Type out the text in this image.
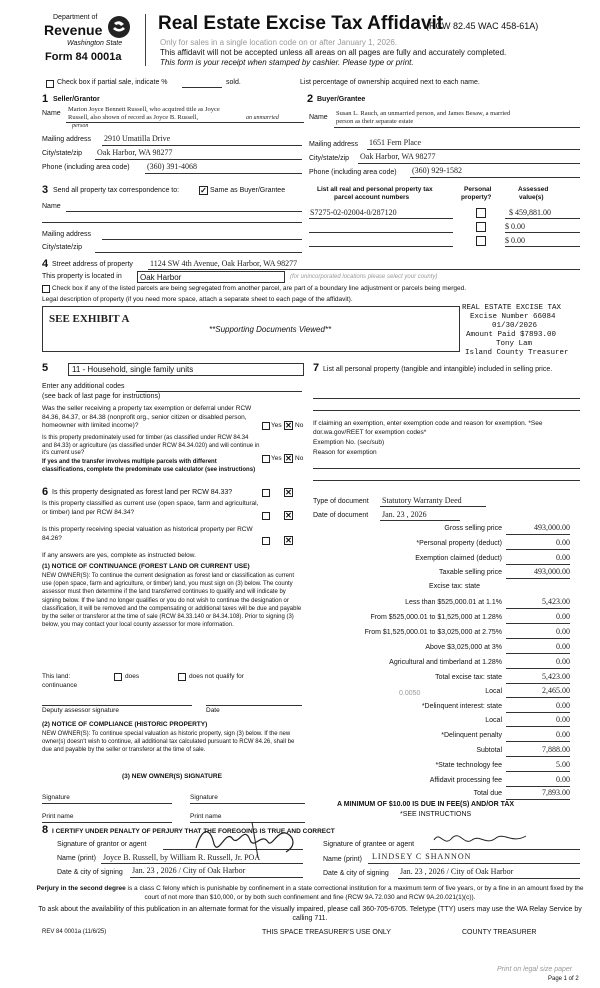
Department of
Revenue
Washington State
Form 84 0001a
Real Estate Excise Tax Affidavit
(RCW 82.45 WAC 458-61A)
Only for sales in a single location code on or after January 1, 2026.
This affidavit will not be accepted unless all areas on all pages are fully and accurately completed.
This form is your receipt when stamped by cashier. Please type or print.
Check box if partial sale, indicate %	sold.	List percentage of ownership acquired next to each name.
1 Seller/Grantor
Name
Marion Joyce Bennett Russell, who acquired title as Joyce
Russell, also shown of record as Joyce B. Russell,	an unmarried
person
Mailing address 2910 Umatilla Drive
City/state/zip Oak Harbor, WA 98277
Phone (including area code) (360) 391-4068
2 Buyer/Grantee
Name
Susan L. Rauch, an unmarried person, and James Besaw, a married
person as their separate estate
Mailing address 1651 Fern Place
City/state/zip Oak Harbor, WA 98277
Phone (including area code) (360) 929-1582
3 Send all property tax correspondence to:	✓ Same as Buyer/Grantee
Name
Mailing address
City/state/zip
List all real and personal property tax
parcel account numbers
Personal
property?
Assessed
value(s)
S7275-02-02004-0/287120	$ 459,881.00
$ 0.00
$ 0.00
4 Street address of property 1124 SW 4th Avenue, Oak Harbor, WA 98277
This property is located in Oak Harbor	(for unincorporated locations please select your county)
Check box if any of the listed parcels are being segregated from another parcel, are part of a boundary line adjustment or parcels being merged.
Legal description of property (if you need more space, attach a separate sheet to each page of the affidavit).
SEE EXHIBIT A
**Supporting Documents Viewed**
REAL ESTATE EXCISE TAX
Excise Number 66084
01/30/2026
Amount Paid $7893.00
Tony Lam
Island County Treasurer
5	11 - Household, single family units
Enter any additional codes
(see back of last page for instructions)
Was the seller receiving a property tax exemption or deferral under RCW 84.36, 84.37, or 84.38 (nonprofit org., senior citizen or disabled person, homeowner with limited income)?	Yes ✕ No
Is this property predominately used for timber (as classified under RCW 84.34 and 84.33) or agriculture (as classified under RCW 84.34.020) and will continue in it's current use?
If yes and the transfer involves multiple parcels with different classifications, complete the predominate use calculator (see instructions)
Yes ✕ No
6 Is this property designated as forest land per RCW 84.33?	✕
Is this property classified as current use (open space, farm and agricultural, or timber) land per RCW 84.34?	✕
Is this property receiving special valuation as historical property per RCW 84.26?	✕
If any answers are yes, complete as instructed below.
(1) NOTICE OF CONTINUANCE (FOREST LAND OR CURRENT USE)
NEW OWNER(S): To continue the current designation as forest land or classification as current use (open space, farm and agriculture, or timber) land, you must sign on (3) below. The county assessor must then determine if the land transferred continues to qualify and will indicate by signing below. If the land no longer qualifies or you do not wish to continue the designation or classification, it will be removed and the compensating or additional taxes will be due and payable by the seller or transferor at the time of sale (RCW 84.33.140 or 84.34.108). Prior to signing (3) below, you may contact your local county assessor for more information.
This land:	does	does not qualify for
continuance
Deputy assessor signature	Date
(2) NOTICE OF COMPLIANCE (HISTORIC PROPERTY)
NEW OWNER(S): To continue special valuation as historic property, sign (3) below. If the new owner(s) doesn't wish to continue, all additional tax calculated pursuant to RCW 84.26, shall be due and payable by the seller or transferor at the time of sale.
(3) NEW OWNER(S) SIGNATURE
Signature	Signature
Print name	Print name
7 List all personal property (tangible and intangible) included in selling price.
If claiming an exemption, enter exemption code and reason for exemption. *See dor.wa.gov/REET for exemption codes*
Exemption No. (sec/sub)
Reason for exemption
Type of document Statutory Warranty Deed
Date of document Jan. 23 , 2026
Gross selling price	493,000.00
*Personal property (deduct)	0.00
Exemption claimed (deduct)	0.00
Taxable selling price	493,000.00
Excise tax: state
Less than $525,000.01 at 1.1%	5,423.00
From $525,000.01 to $1,525,000 at 1.28%	0.00
From $1,525,000.01 to $3,025,000 at 2.75%	0.00
Above $3,025,000 at 3%	0.00
Agricultural and timberland at 1.28%	0.00
Total excise tax: state	5,423.00
Local	2,465.00
*Delinquent interest: state	0.00
Local	0.00
*Delinquent penalty	0.00
Subtotal	7,888.00
*State technology fee	5.00
Affidavit processing fee	0.00
Total due	7,893.00
0.0050
A MINIMUM OF $10.00 IS DUE IN FEE(S) AND/OR TAX
*SEE INSTRUCTIONS
8 I CERTIFY UNDER PENALTY OF PERJURY THAT THE FOREGOING IS TRUE AND CORRECT
Signature of grantor or agent
Name (print) Joyce B. Russell, by William R. Russell, Jr. POA
Date & city of signing Jan. 23 , 2026 / City of Oak Harbor
Signature of grantee or agent
Name (print) LINDSEY C SHANNON
Date & city of signing Jan. 23 , 2026 / City of Oak Harbor
Perjury in the second degree is a class C felony which is punishable by confinement in a state correctional institution for a maximum term of five years, or by a fine in an amount fixed by the court of not more than $10,000, or by both such confinement and fine (RCW 9A.72.030 and RCW 9A.20.021(1)(c)).
To ask about the availability of this publication in an alternate format for the visually impaired, please call 360-705-6705. Teletype (TTY) users may use the WA Relay Service by calling 711.
REV 84 0001a (11/6/25)	THIS SPACE TREASURER'S USE ONLY	COUNTY TREASURER
Print on legal size paper
Page 1 of 2
